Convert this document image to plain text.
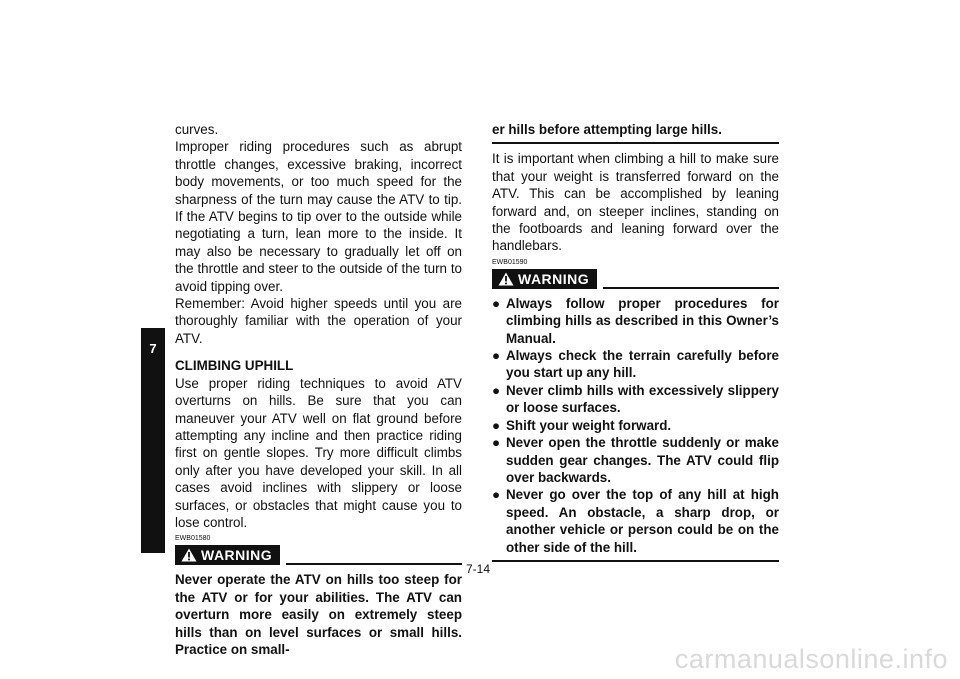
7

curves.

Improper riding procedures such as abrupt throttle changes, excessive braking, incorrect body movements, or too much speed for the sharpness of the turn may cause the ATV to tip. If the ATV begins to tip over to the outside while negotiating a turn, lean more to the inside. It may also be necessary to gradually let off on the throttle and steer to the outside of the turn to avoid tipping over.

Remember: Avoid higher speeds until you are thoroughly familiar with the operation of your ATV.

CLIMBING UPHILL

Use proper riding techniques to avoid ATV overturns on hills. Be sure that you can maneuver your ATV well on flat ground before attempting any incline and then practice riding first on gentle slopes. Try more difficult climbs only after you have developed your skill. In all cases avoid inclines with slippery or loose surfaces, or obstacles that might cause you to lose control.

EWB01580
WARNING

Never operate the ATV on hills too steep for the ATV or for your abilities. The ATV can overturn more easily on extremely steep hills than on level surfaces or small hills. Practice on small-

er hills before attempting large hills.

It is important when climbing a hill to make sure that your weight is transferred forward on the ATV. This can be accomplished by leaning forward and, on steeper inclines, standing on the footboards and leaning forward over the handlebars.

EWB01590
WARNING
● Always follow proper procedures for climbing hills as described in this Owner’s Manual.
● Always check the terrain carefully before you start up any hill.
● Never climb hills with excessively slippery or loose surfaces.
● Shift your weight forward.
● Never open the throttle suddenly or make sudden gear changes. The ATV could flip over backwards.
● Never go over the top of any hill at high speed. An obstacle, a sharp drop, or another vehicle or person could be on the other side of the hill.
7-14
carmanualsonline.info
